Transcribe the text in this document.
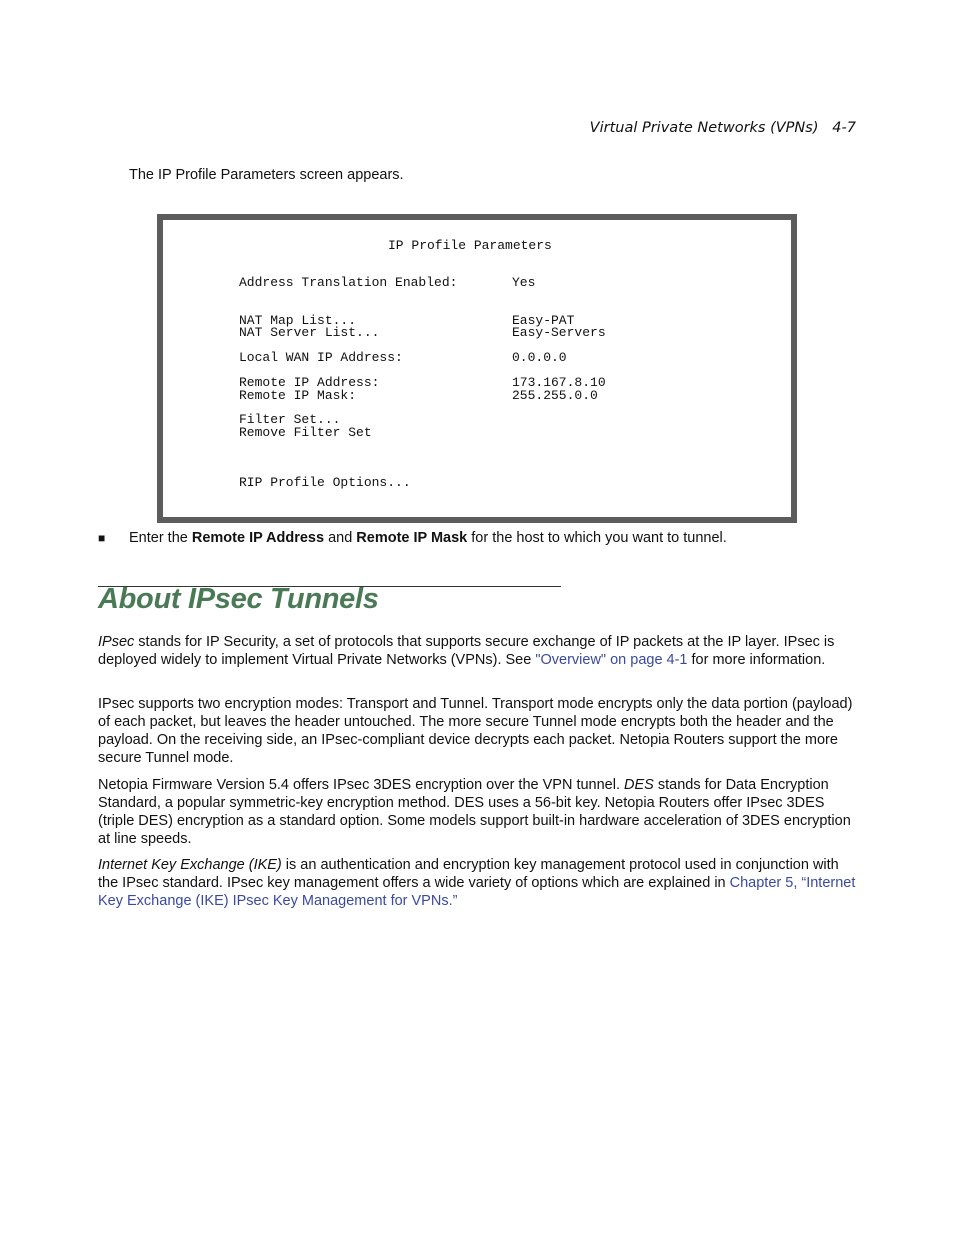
Virtual Private Networks (VPNs)   4-7
The IP Profile Parameters screen appears.
IP Profile Parameters
Address Translation Enabled:	Yes
NAT Map List...	Easy-PAT
NAT Server List...	Easy-Servers
Local WAN IP Address:	0.0.0.0
Remote IP Address:	173.167.8.10
Remote IP Mask:	255.255.0.0
Filter Set...
Remove Filter Set
RIP Profile Options...
■ Enter the Remote IP Address and Remote IP Mask for the host to which you want to tunnel.
About IPsec Tunnels

IPsec stands for IP Security, a set of protocols that supports secure exchange of IP packets at the IP layer. IPsec is deployed widely to implement Virtual Private Networks (VPNs). See "Overview" on page 4-1 for more information.

IPsec supports two encryption modes: Transport and Tunnel. Transport mode encrypts only the data portion (payload) of each packet, but leaves the header untouched. The more secure Tunnel mode encrypts both the header and the payload. On the receiving side, an IPsec-compliant device decrypts each packet. Netopia Routers support the more secure Tunnel mode.

Netopia Firmware Version 5.4 offers IPsec 3DES encryption over the VPN tunnel. DES stands for Data Encryption Standard, a popular symmetric-key encryption method. DES uses a 56-bit key. Netopia Routers offer IPsec 3DES (triple DES) encryption as a standard option. Some models support built-in hardware acceleration of 3DES encryption at line speeds.

Internet Key Exchange (IKE) is an authentication and encryption key management protocol used in conjunction with the IPsec standard. IPsec key management offers a wide variety of options which are explained in Chapter 5, “Internet Key Exchange (IKE) IPsec Key Management for VPNs.”
